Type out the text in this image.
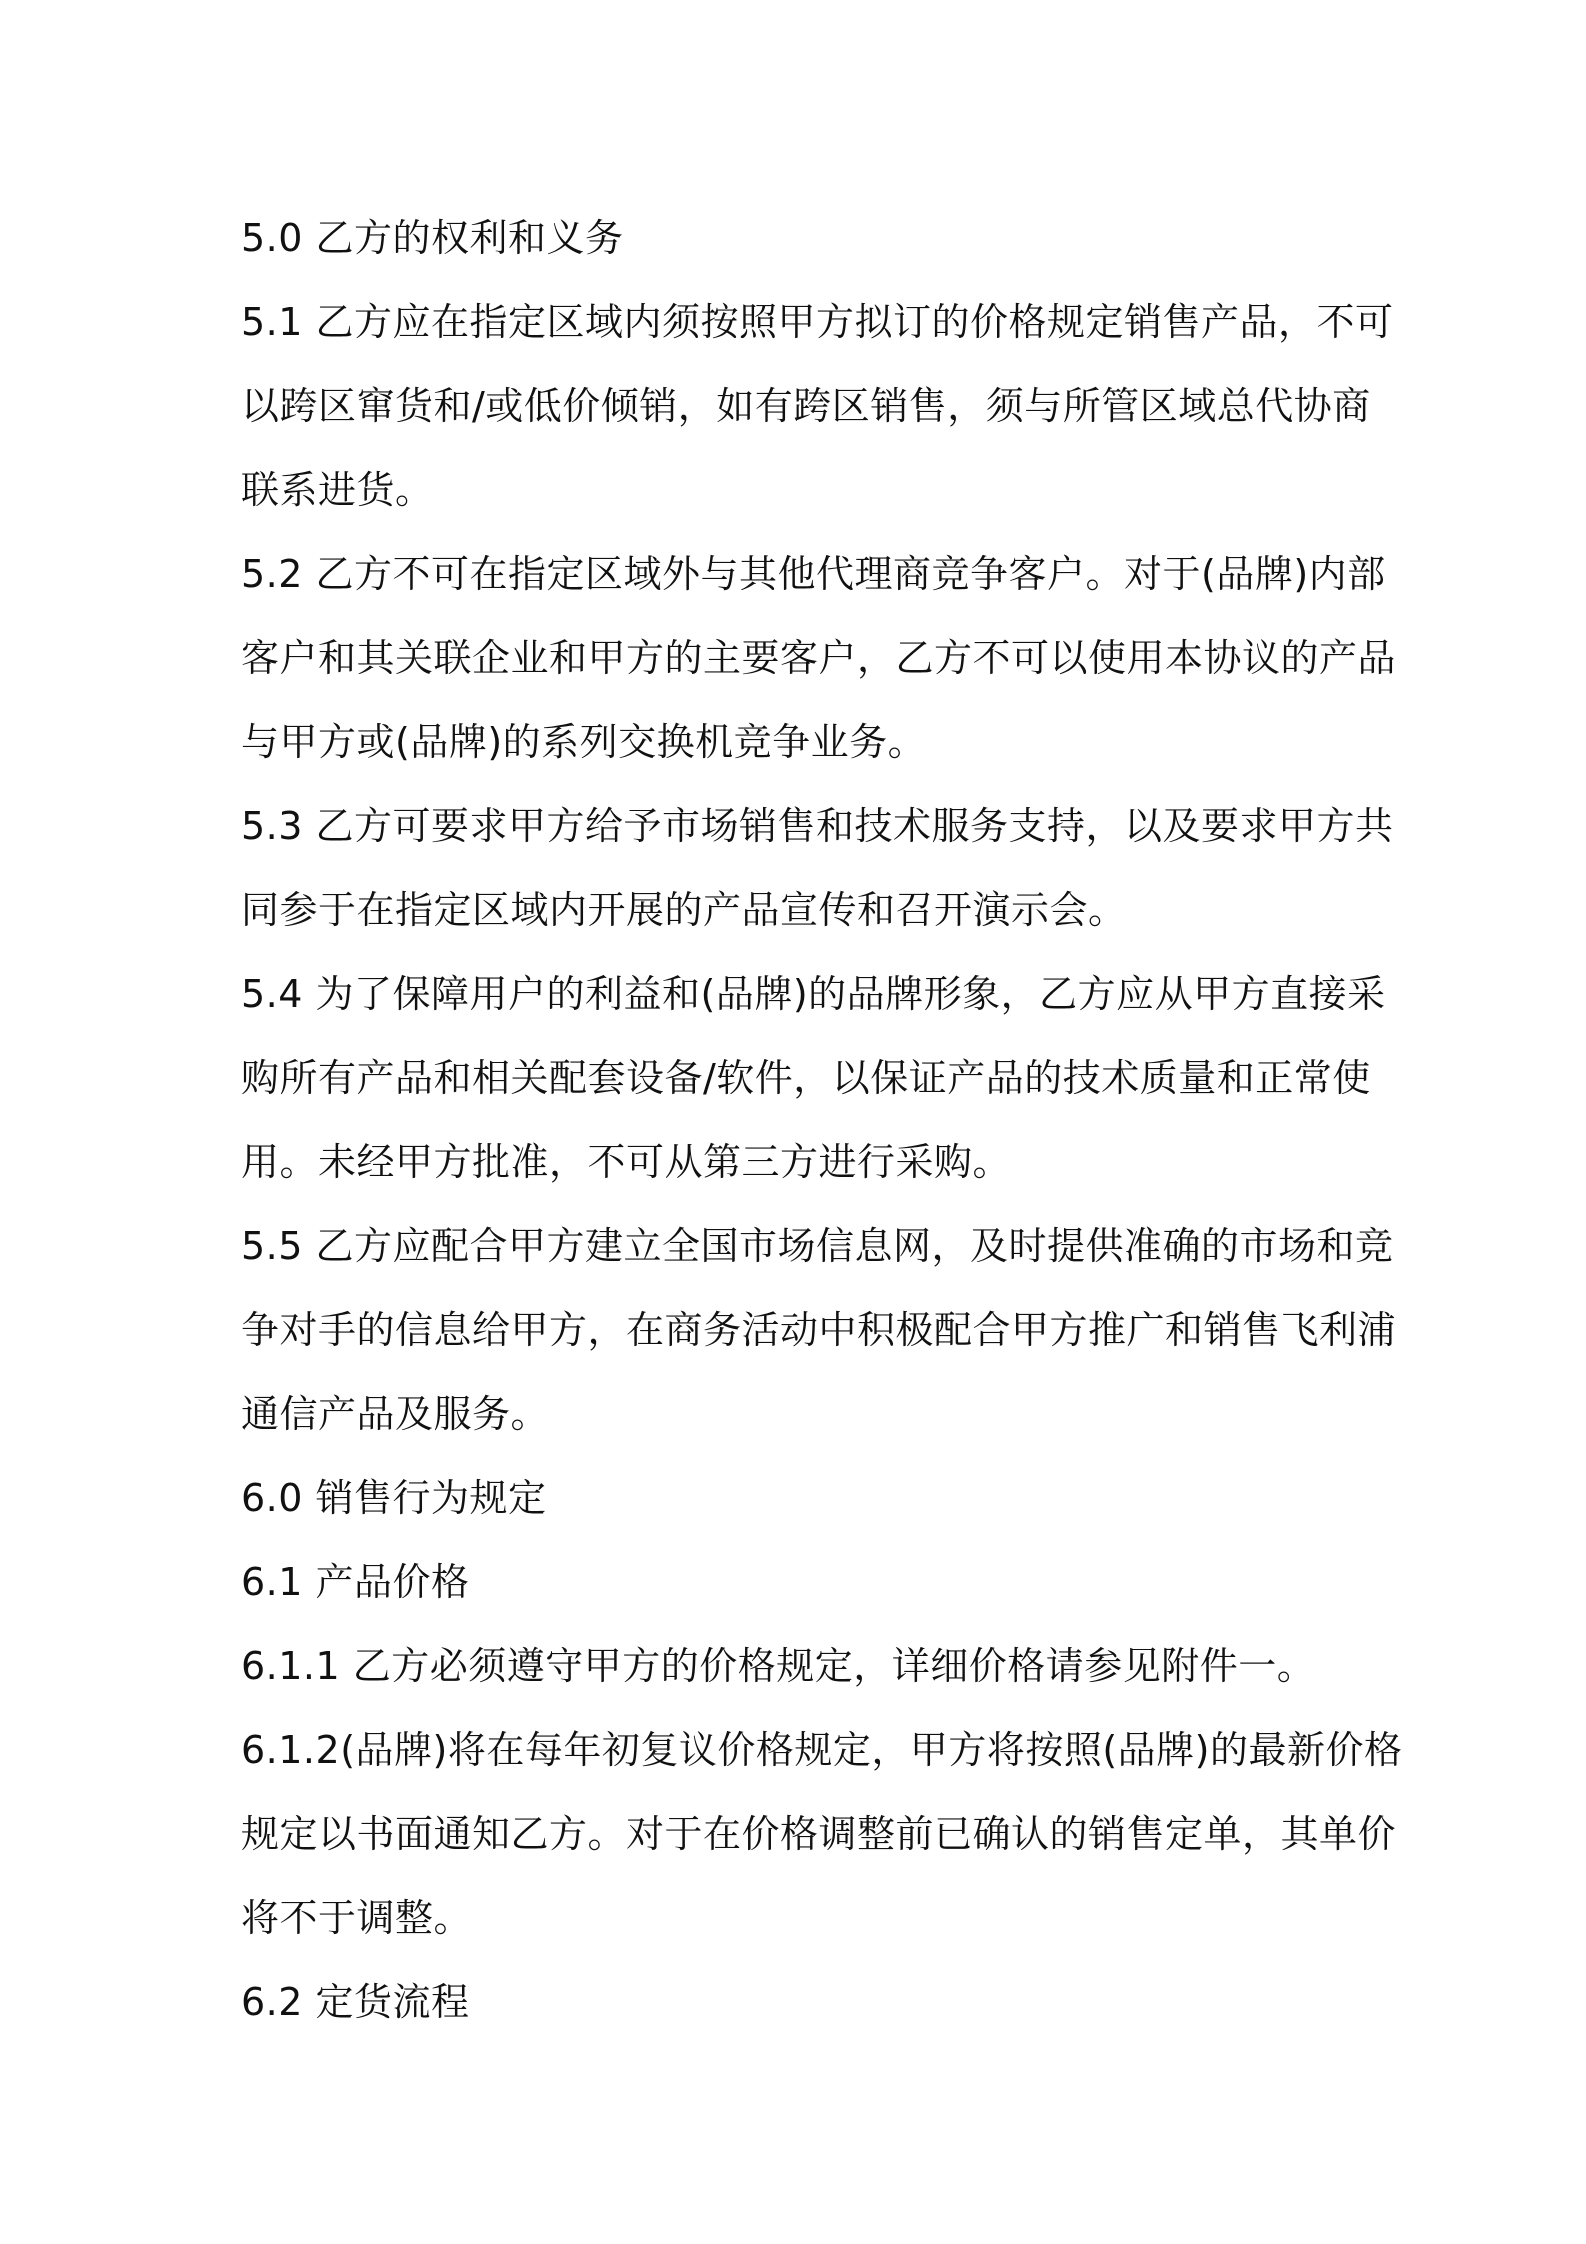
5.0 乙方的权利和义务
5.1 乙方应在指定区域内须按照甲方拟订的价格规定销售产品，不可
以跨区窜货和/或低价倾销，如有跨区销售，须与所管区域总代协商
联系进货。
5.2 乙方不可在指定区域外与其他代理商竞争客户。对于(品牌)内部
客户和其关联企业和甲方的主要客户，乙方不可以使用本协议的产品
与甲方或(品牌)的系列交换机竞争业务。
5.3 乙方可要求甲方给予市场销售和技术服务支持，以及要求甲方共
同参于在指定区域内开展的产品宣传和召开演示会。
5.4 为了保障用户的利益和(品牌)的品牌形象，乙方应从甲方直接采
购所有产品和相关配套设备/软件，以保证产品的技术质量和正常使
用。未经甲方批准，不可从第三方进行采购。
5.5 乙方应配合甲方建立全国市场信息网，及时提供准确的市场和竞
争对手的信息给甲方，在商务活动中积极配合甲方推广和销售飞利浦
通信产品及服务。
6.0 销售行为规定
6.1 产品价格
6.1.1 乙方必须遵守甲方的价格规定，详细价格请参见附件一。
6.1.2(品牌)将在每年初复议价格规定，甲方将按照(品牌)的最新价格
规定以书面通知乙方。对于在价格调整前已确认的销售定单，其单价
将不于调整。
6.2 定货流程
